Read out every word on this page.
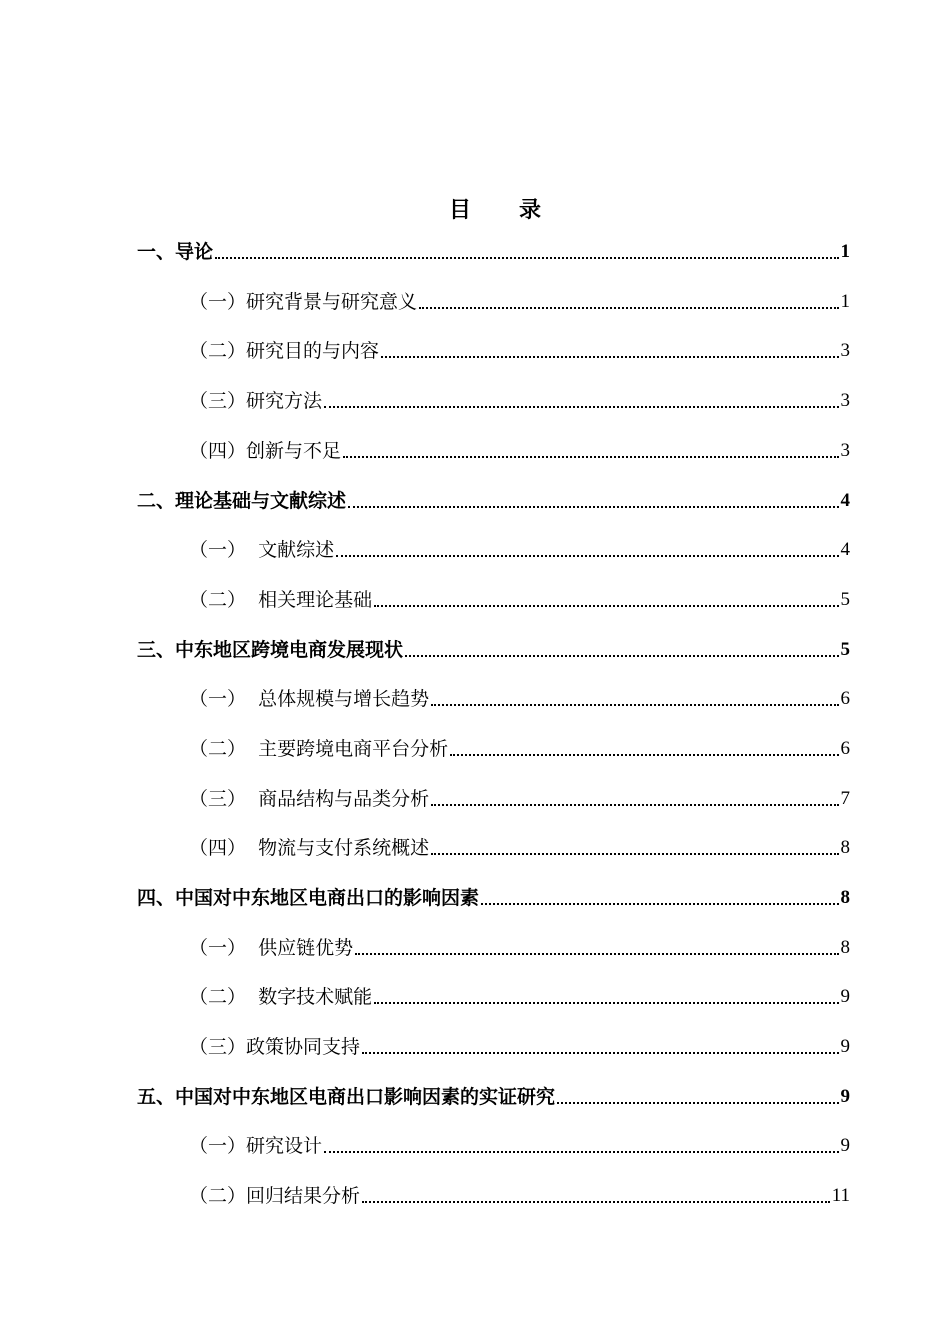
目 录
一、导论	1
（一）研究背景与研究意义	1
（二）研究目的与内容	3
（三）研究方法	3
（四）创新与不足	3
二、理论基础与文献综述	4
（一）  文献综述	4
（二）  相关理论基础	5
三、中东地区跨境电商发展现状	5
（一）  总体规模与增长趋势	6
（二）  主要跨境电商平台分析	6
（三）  商品结构与品类分析	7
（四）  物流与支付系统概述	8
四、中国对中东地区电商出口的影响因素	8
（一）  供应链优势	8
（二）  数字技术赋能	9
（三）政策协同支持	9
五、中国对中东地区电商出口影响因素的实证研究	9
（一）研究设计	9
（二）回归结果分析	11
